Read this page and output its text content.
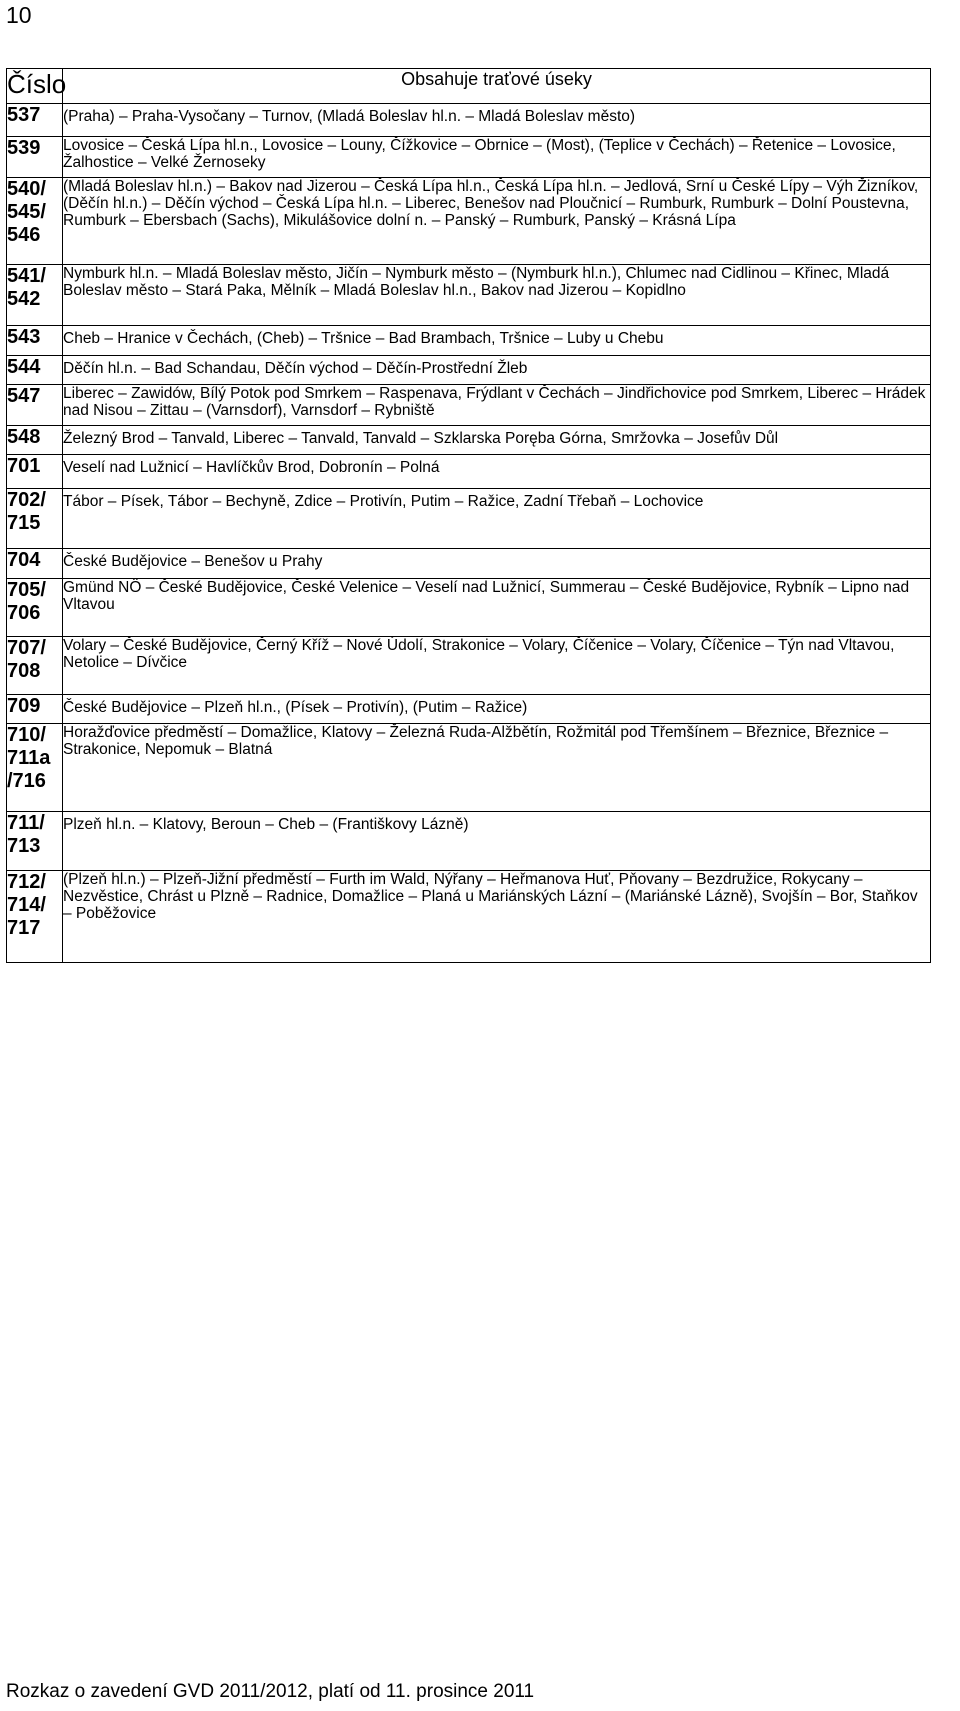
10
Číslo	Obsahuje traťové úseky
537	(Praha) – Praha-Vysočany – Turnov, (Mladá Boleslav hl.n. – Mladá Boleslav město)
539	Lovosice – Česká Lípa hl.n., Lovosice – Louny, Čížkovice – Obrnice – (Most), (Teplice v Čechách) – Řetenice – Lovosice, Žalhostice – Velké Žernoseky
540/ 545/ 546	(Mladá Boleslav hl.n.) – Bakov nad Jizerou – Česká Lípa hl.n., Česká Lípa hl.n. – Jedlová, Srní u České Lípy – Výh Žizníkov, (Děčín hl.n.) – Děčín východ – Česká Lípa hl.n. – Liberec, Benešov nad Ploučnicí – Rumburk, Rumburk – Dolní Poustevna, Rumburk – Ebersbach (Sachs), Mikulášovice dolní n. – Panský – Rumburk, Panský – Krásná Lípa
541/ 542	Nymburk hl.n. – Mladá Boleslav město, Jičín – Nymburk město – (Nymburk hl.n.), Chlumec nad Cidlinou – Křinec, Mladá Boleslav město – Stará Paka, Mělník – Mladá Boleslav hl.n., Bakov nad Jizerou – Kopidlno
543	Cheb – Hranice v Čechách, (Cheb) – Tršnice – Bad Brambach, Tršnice – Luby u Chebu
544	Děčín hl.n. – Bad Schandau, Děčín východ – Děčín-Prostřední Žleb
547	Liberec – Zawidów, Bílý Potok pod Smrkem – Raspenava, Frýdlant v Čechách – Jindřichovice pod Smrkem, Liberec – Hrádek nad Nisou – Zittau – (Varnsdorf), Varnsdorf – Rybniště
548	Železný Brod – Tanvald, Liberec – Tanvald, Tanvald – Szklarska Poręba Górna, Smržovka – Josefův Důl
701	Veselí nad Lužnicí – Havlíčkův Brod, Dobronín – Polná
702/ 715	Tábor – Písek, Tábor – Bechyně, Zdice – Protivín, Putim – Ražice, Zadní Třebaň – Lochovice
704	České Budějovice – Benešov u Prahy
705/ 706	Gmünd NÖ – České Budějovice, České Velenice – Veselí nad Lužnicí, Summerau – České Budějovice, Rybník – Lipno nad Vltavou
707/ 708	Volary – České Budějovice, Černý Kříž – Nové Údolí, Strakonice – Volary, Číčenice – Volary, Číčenice – Týn nad Vltavou, Netolice – Dívčice
709	České Budějovice – Plzeň hl.n., (Písek – Protivín), (Putim – Ražice)
710/ 711a /716	Horažďovice předměstí – Domažlice, Klatovy – Železná Ruda-Alžbětín, Rožmitál pod Třemšínem – Březnice, Březnice – Strakonice, Nepomuk – Blatná
711/ 713	Plzeň hl.n. – Klatovy, Beroun – Cheb – (Františkovy Lázně)
712/ 714/ 717	(Plzeň hl.n.) – Plzeň-Jižní předměstí – Furth im Wald, Nýřany – Heřmanova Huť, Pňovany – Bezdružice, Rokycany – Nezvěstice, Chrást u Plzně – Radnice, Domažlice – Planá u Mariánských Lázní – (Mariánské Lázně), Svojšín – Bor, Staňkov – Poběžovice
Rozkaz o zavedení GVD 2011/2012, platí od 11. prosince 2011
